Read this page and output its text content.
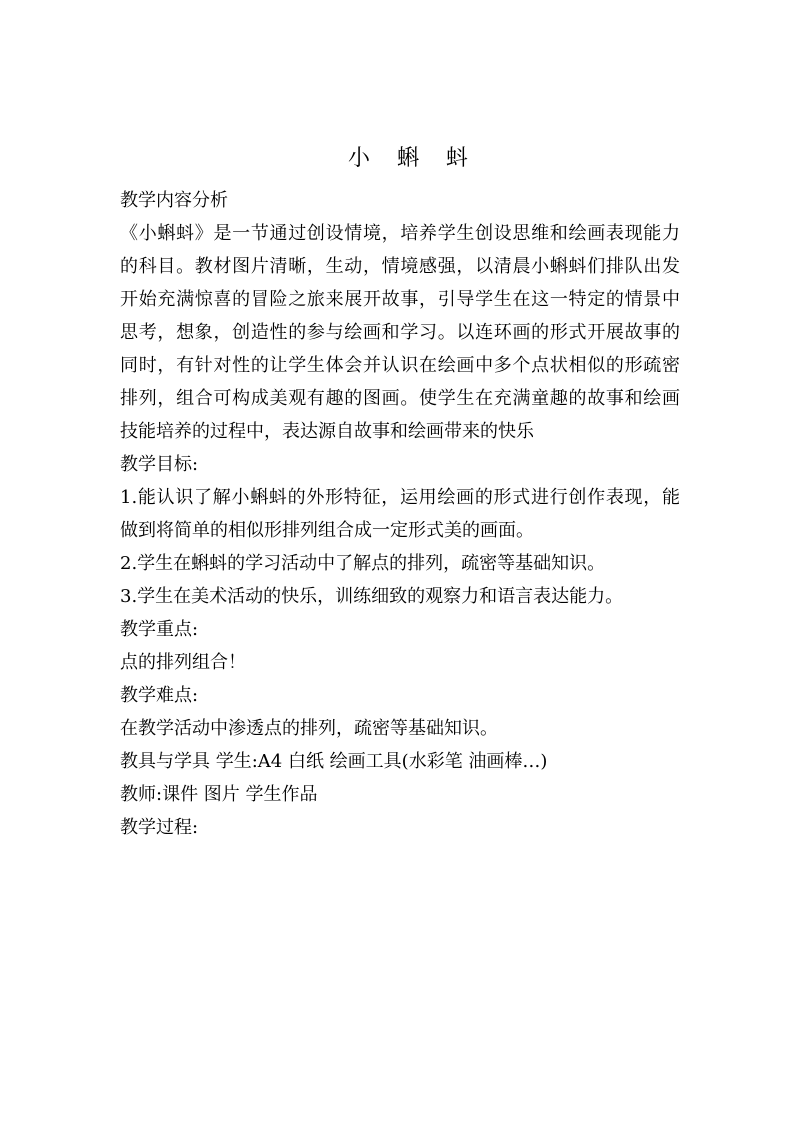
小 蝌 蚪

教学内容分析

《小蝌蚪》是一节通过创设情境，培养学生创设思维和绘画表现能力

的科目。教材图片清晰，生动，情境感强，以清晨小蝌蚪们排队出发

开始充满惊喜的冒险之旅来展开故事，引导学生在这一特定的情景中

思考，想象，创造性的参与绘画和学习。以连环画的形式开展故事的

同时，有针对性的让学生体会并认识在绘画中多个点状相似的形疏密

排列，组合可构成美观有趣的图画。使学生在充满童趣的故事和绘画

技能培养的过程中，表达源自故事和绘画带来的快乐

教学目标:

1.能认识了解小蝌蚪的外形特征，运用绘画的形式进行创作表现，能

做到将简单的相似形排列组合成一定形式美的画面。

2.学生在蝌蚪的学习活动中了解点的排列，疏密等基础知识。

3.学生在美术活动的快乐，训练细致的观察力和语言表达能力。

教学重点:

点的排列组合！

教学难点:

在教学活动中渗透点的排列，疏密等基础知识。

教具与学具 学生:A4 白纸 绘画工具(水彩笔 油画棒…)

教师:课件 图片 学生作品

教学过程:
